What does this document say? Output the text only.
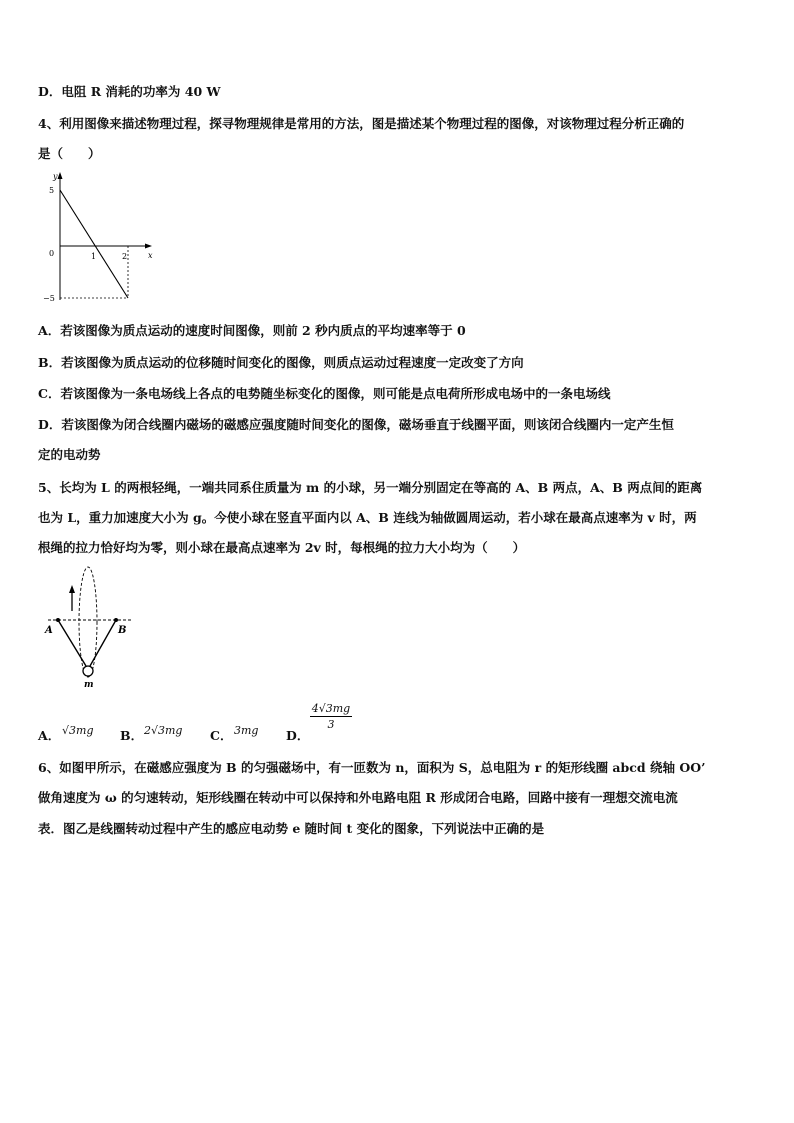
D．电阻 R 消耗的功率为 40 W
4、利用图像来描述物理过程，探寻物理规律是常用的方法，图是描述某个物理过程的图像，对该物理过程分析正确的
是（　　）
y
x
5
0
−5
1	2
A．若该图像为质点运动的速度时间图像，则前 2 秒内质点的平均速率等于 0
B．若该图像为质点运动的位移随时间变化的图像，则质点运动过程速度一定改变了方向
C．若该图像为一条电场线上各点的电势随坐标变化的图像，则可能是点电荷所形成电场中的一条电场线
D．若该图像为闭合线圈内磁场的磁感应强度随时间变化的图像，磁场垂直于线圈平面，则该闭合线圈内一定产生恒
定的电动势
5、长均为 L 的两根轻绳，一端共同系住质量为 m 的小球，另一端分别固定在等高的 A、B 两点，A、B 两点间的距离
也为 L，重力加速度大小为 g。今使小球在竖直平面内以 A、B 连线为轴做圆周运动，若小球在最高点速率为 v 时，两
根绳的拉力恰好均为零，则小球在最高点速率为 2v 时，每根绳的拉力大小均为（　　）
A	B
m
A． √3mg B． 2√3mg C． 3mg D．
$\frac{4√3mg}{3}$
6、如图甲所示，在磁感应强度为 B 的匀强磁场中，有一匝数为 n，面积为 S，总电阻为 r 的矩形线圈 abcd 绕轴 OO’
做角速度为 ω 的匀速转动，矩形线圈在转动中可以保持和外电路电阻 R 形成闭合电路，回路中接有一理想交流电流
表．图乙是线圈转动过程中产生的感应电动势 e 随时间 t 变化的图象，下列说法中正确的是
